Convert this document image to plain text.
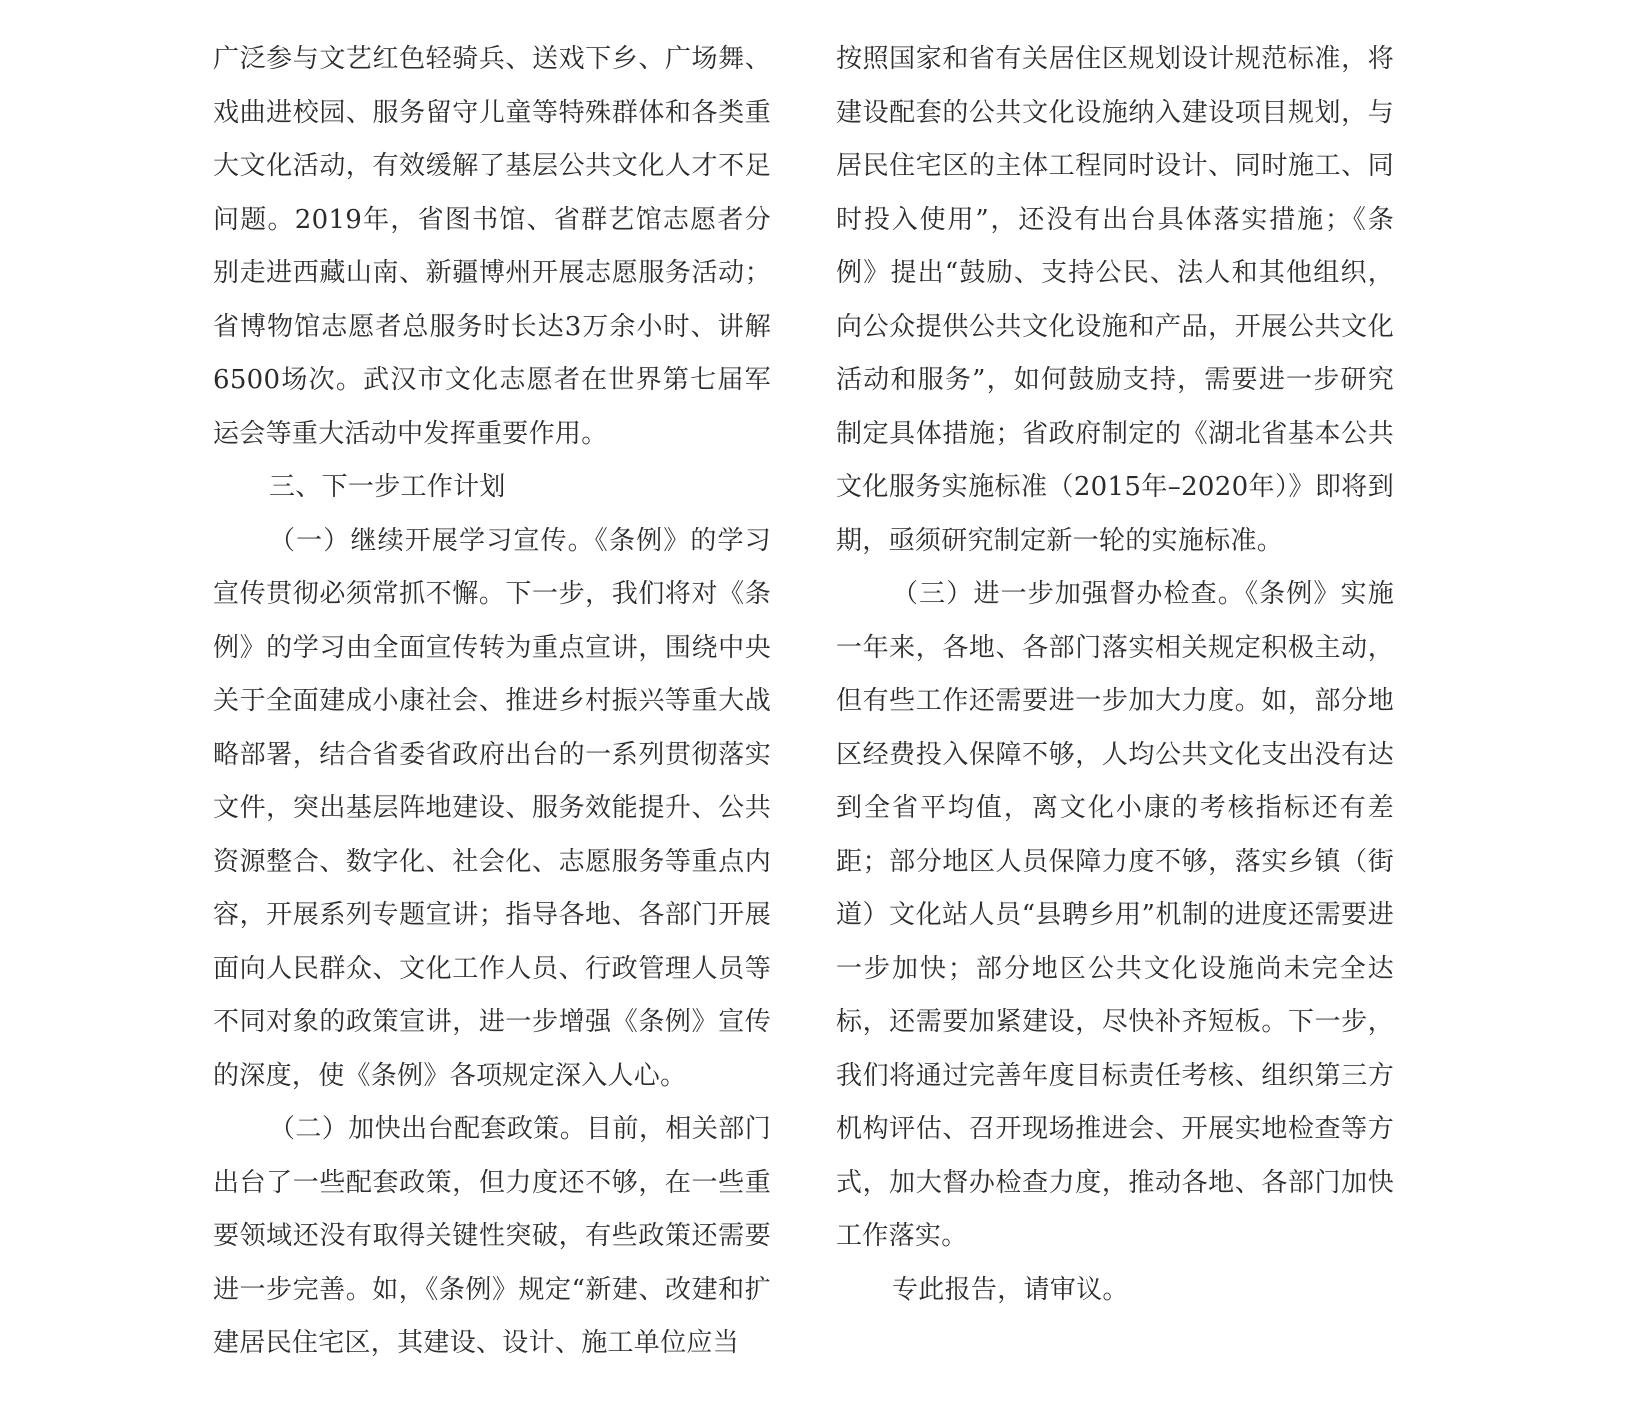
广泛参与文艺红色轻骑兵、送戏下乡、广场舞、戏曲进校园、服务留守儿童等特殊群体和各类重大文化活动，有效缓解了基层公共文化人才不足问题。2019年，省图书馆、省群艺馆志愿者分别走进西藏山南、新疆博州开展志愿服务活动；省博物馆志愿者总服务时长达3万余小时、讲解6500场次。武汉市文化志愿者在世界第七届军运会等重大活动中发挥重要作用。

三、下一步工作计划

（一）继续开展学习宣传。《条例》的学习宣传贯彻必须常抓不懈。下一步，我们将对《条例》的学习由全面宣传转为重点宣讲，围绕中央关于全面建成小康社会、推进乡村振兴等重大战略部署，结合省委省政府出台的一系列贯彻落实文件，突出基层阵地建设、服务效能提升、公共资源整合、数字化、社会化、志愿服务等重点内容，开展系列专题宣讲；指导各地、各部门开展面向人民群众、文化工作人员、行政管理人员等不同对象的政策宣讲，进一步增强《条例》宣传的深度，使《条例》各项规定深入人心。

（二）加快出台配套政策。目前，相关部门出台了一些配套政策，但力度还不够，在一些重要领域还没有取得关键性突破，有些政策还需要进一步完善。如，《条例》规定“新建、改建和扩建居民住宅区，其建设、设计、施工单位应当

按照国家和省有关居住区规划设计规范标准，将建设配套的公共文化设施纳入建设项目规划，与居民住宅区的主体工程同时设计、同时施工、同时投入使用”，还没有出台具体落实措施；《条例》提出“鼓励、支持公民、法人和其他组织，向公众提供公共文化设施和产品，开展公共文化活动和服务”，如何鼓励支持，需要进一步研究制定具体措施；省政府制定的《湖北省基本公共文化服务实施标准（2015年–2020年）》即将到期，亟须研究制定新一轮的实施标准。

（三）进一步加强督办检查。《条例》实施一年来，各地、各部门落实相关规定积极主动，但有些工作还需要进一步加大力度。如，部分地区经费投入保障不够，人均公共文化支出没有达到全省平均值，离文化小康的考核指标还有差距；部分地区人员保障力度不够，落实乡镇（街道）文化站人员“县聘乡用”机制的进度还需要进一步加快；部分地区公共文化设施尚未完全达标，还需要加紧建设，尽快补齐短板。下一步，我们将通过完善年度目标责任考核、组织第三方机构评估、召开现场推进会、开展实地检查等方式，加大督办检查力度，推动各地、各部门加快工作落实。

专此报告，请审议。
